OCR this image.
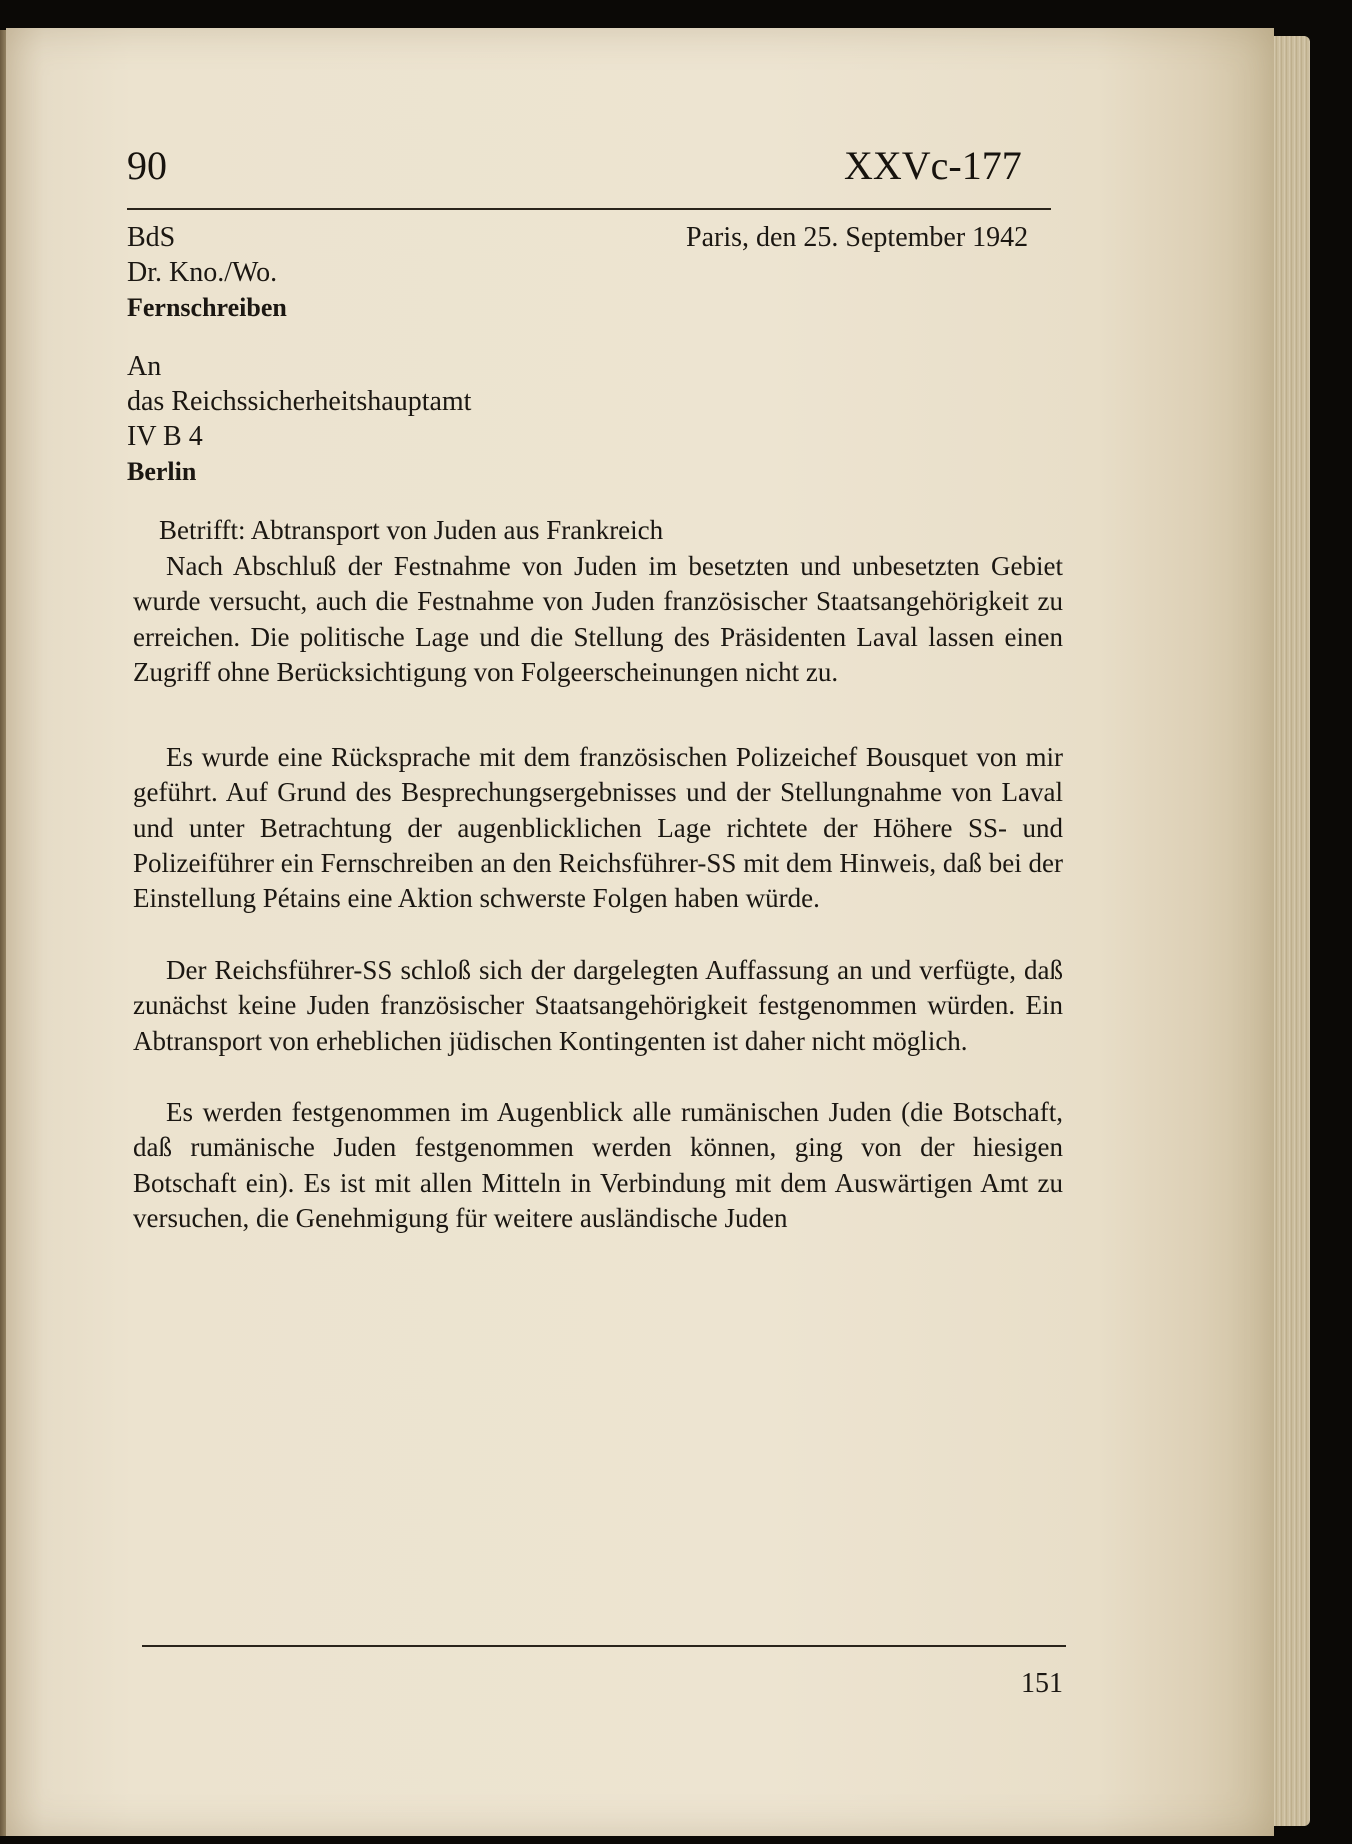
90	XXVc-177
BdS	Paris, den 25. September 1942
Dr. Kno./Wo.
Fernschreiben
An
das Reichssicherheitshauptamt
IV B 4
Berlin
Betrifft: Abtransport von Juden aus Frankreich
Nach Abschluß der Festnahme von Juden im besetzten und unbesetzten Gebiet wurde versucht, auch die Festnahme von Juden französischer Staatsangehörigkeit zu erreichen. Die politische Lage und die Stellung des Präsidenten Laval lassen einen Zugriff ohne Berücksichtigung von Folgeerscheinungen nicht zu.
Es wurde eine Rücksprache mit dem französischen Polizeichef Bousquet von mir geführt. Auf Grund des Besprechungsergebnisses und der Stellungnahme von Laval und unter Betrachtung der augenblicklichen Lage richtete der Höhere SS- und Polizeiführer ein Fernschreiben an den Reichsführer-SS mit dem Hinweis, daß bei der Einstellung Pétains eine Aktion schwerste Folgen haben würde.
Der Reichsführer-SS schloß sich der dargelegten Auffassung an und verfügte, daß zunächst keine Juden französischer Staatsangehörigkeit festgenommen würden. Ein Abtransport von erheblichen jüdischen Kontingenten ist daher nicht möglich.
Es werden festgenommen im Augenblick alle rumänischen Juden (die Botschaft, daß rumänische Juden festgenommen werden können, ging von der hiesigen Botschaft ein). Es ist mit allen Mitteln in Verbindung mit dem Auswärtigen Amt zu versuchen, die Genehmigung für weitere ausländische Juden
151
